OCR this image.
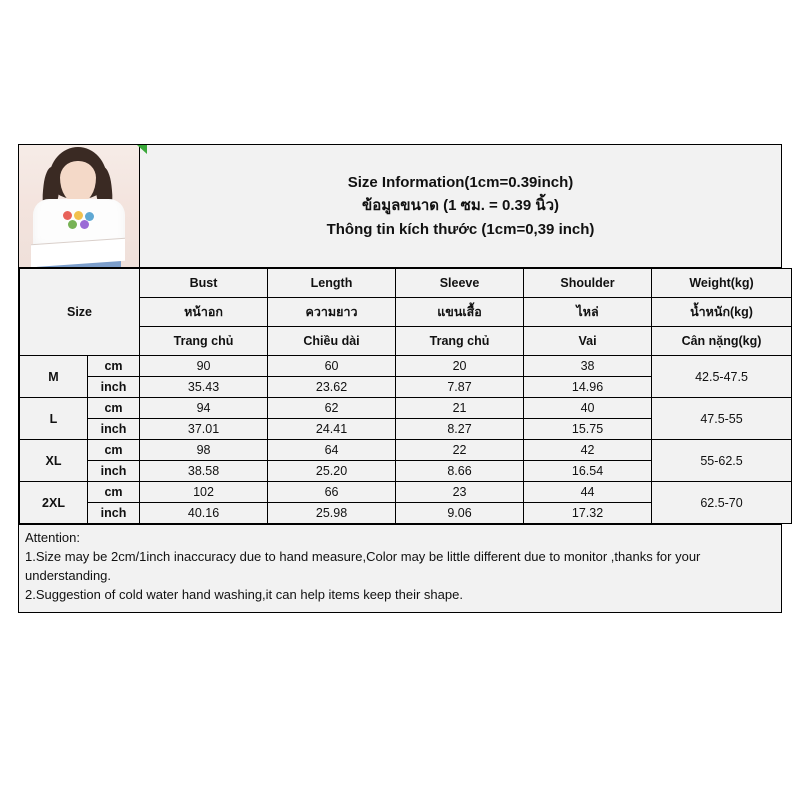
Size Information(1cm=0.39inch)
ข้อมูลขนาด (1 ซม. = 0.39 นิ้ว)
Thông tin kích thước (1cm=0,39 inch)
Size		Bust	Length	Sleeve	Shoulder	Weight(kg)
		หน้าอก	ความยาว	แขนเสื้อ	ไหล่	น้ำหนัก(kg)
		Trang chủ	Chiều dài	Trang chủ	Vai	Cân nặng(kg)
M	cm	90	60	20	38	42.5-47.5
	inch	35.43	23.62	7.87	14.96	
L	cm	94	62	21	40	47.5-55
	inch	37.01	24.41	8.27	15.75	
XL	cm	98	64	22	42	55-62.5
	inch	38.58	25.20	8.66	16.54	
2XL	cm	102	66	23	44	62.5-70
	inch	40.16	25.98	9.06	17.32	

Attention:

1.Size may be 2cm/1inch inaccuracy due to hand measure,Color may be little different due to monitor ,thanks for your

understanding.

2.Suggestion of cold water hand washing,it can help items keep their shape.
